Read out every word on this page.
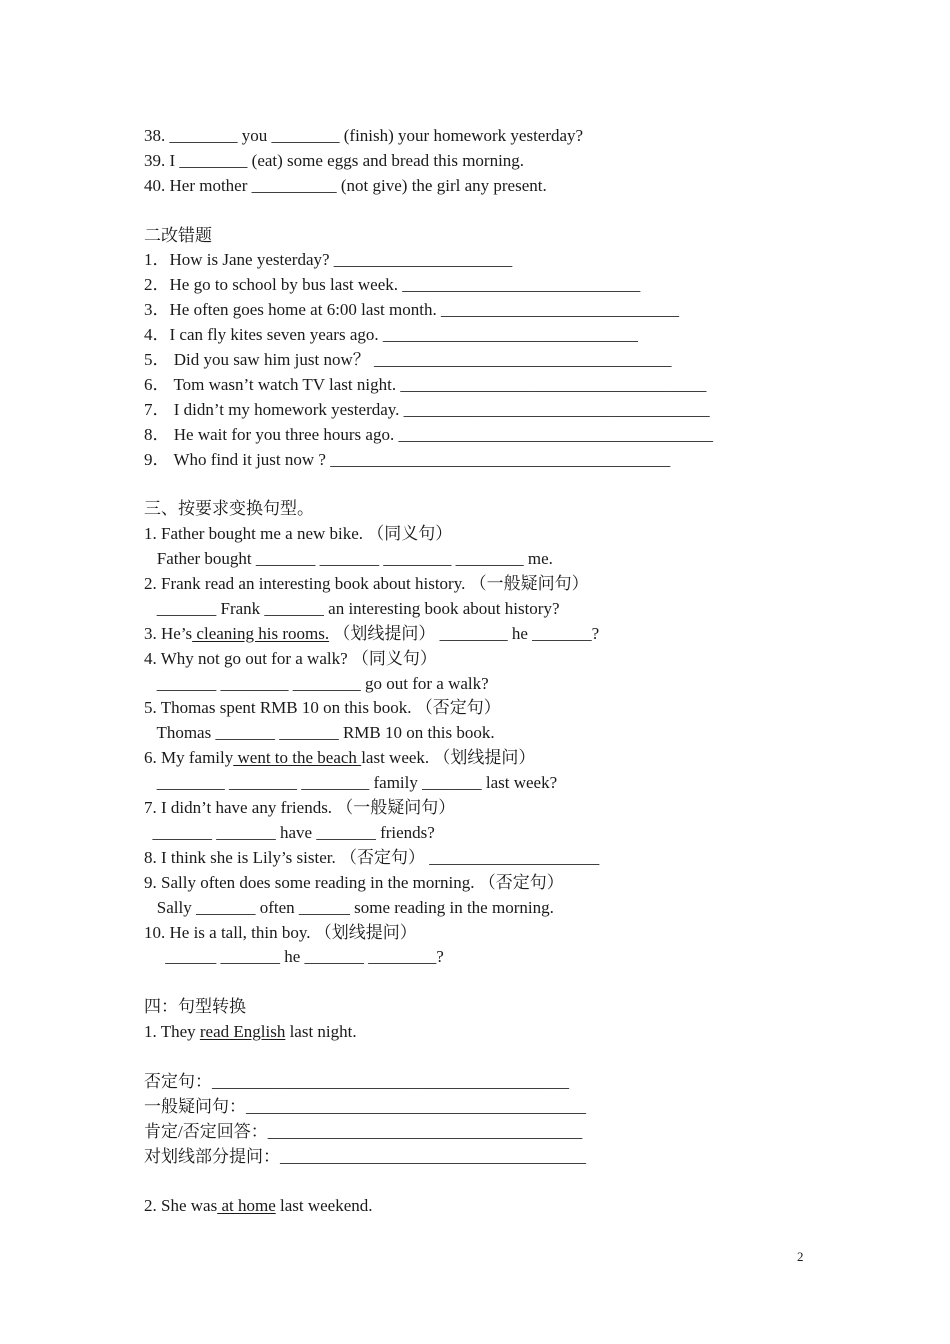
38. ________ you ________ (finish) your homework yesterday?
39. I ________ (eat) some eggs and bread this morning.
40. Her mother __________ (not give) the girl any present.
二改错题
1．How is Jane yesterday? _____________________
2．He go to school by bus last week. ____________________________
3．He often goes home at 6:00 last month. ____________________________
4．I can fly kites seven years ago. ______________________________
5． Did you saw him just now？ ___________________________________
6． Tom wasn’t watch TV last night. ____________________________________
7． I didn’t my homework yesterday. ____________________________________
8． He wait for you three hours ago. _____________________________________
9． Who find it just now ? ________________________________________
三、按要求变换句型。
1. Father bought me a new bike. （同义句）
Father bought _______ _______ ________ ________ me.
2. Frank read an interesting book about history. （一般疑问句）
_______ Frank _______ an interesting book about history?
3. He’s cleaning his rooms. （划线提问） ________ he _______?
4. Why not go out for a walk? （同义句）
_______ ________ ________ go out for a walk?
5. Thomas spent RMB 10 on this book. （否定句）
Thomas _______ _______ RMB 10 on this book.
6. My family went to the beach last week. （划线提问）
________ ________ ________ family _______ last week?
7. I didn’t have any friends. （一般疑问句）
_______ _______ have _______ friends?
8. I think she is Lily’s sister. （否定句） ____________________
9. Sally often does some reading in the morning. （否定句）
Sally _______ often ______ some reading in the morning.
10. He is a tall, thin boy. （划线提问）
______ _______ he _______ ________?
四：句型转换
1. They read English last night.
否定句：__________________________________________
一般疑问句：________________________________________
肯定/否定回答：_____________________________________
对划线部分提问：____________________________________
2. She was at home last weekend.
2
